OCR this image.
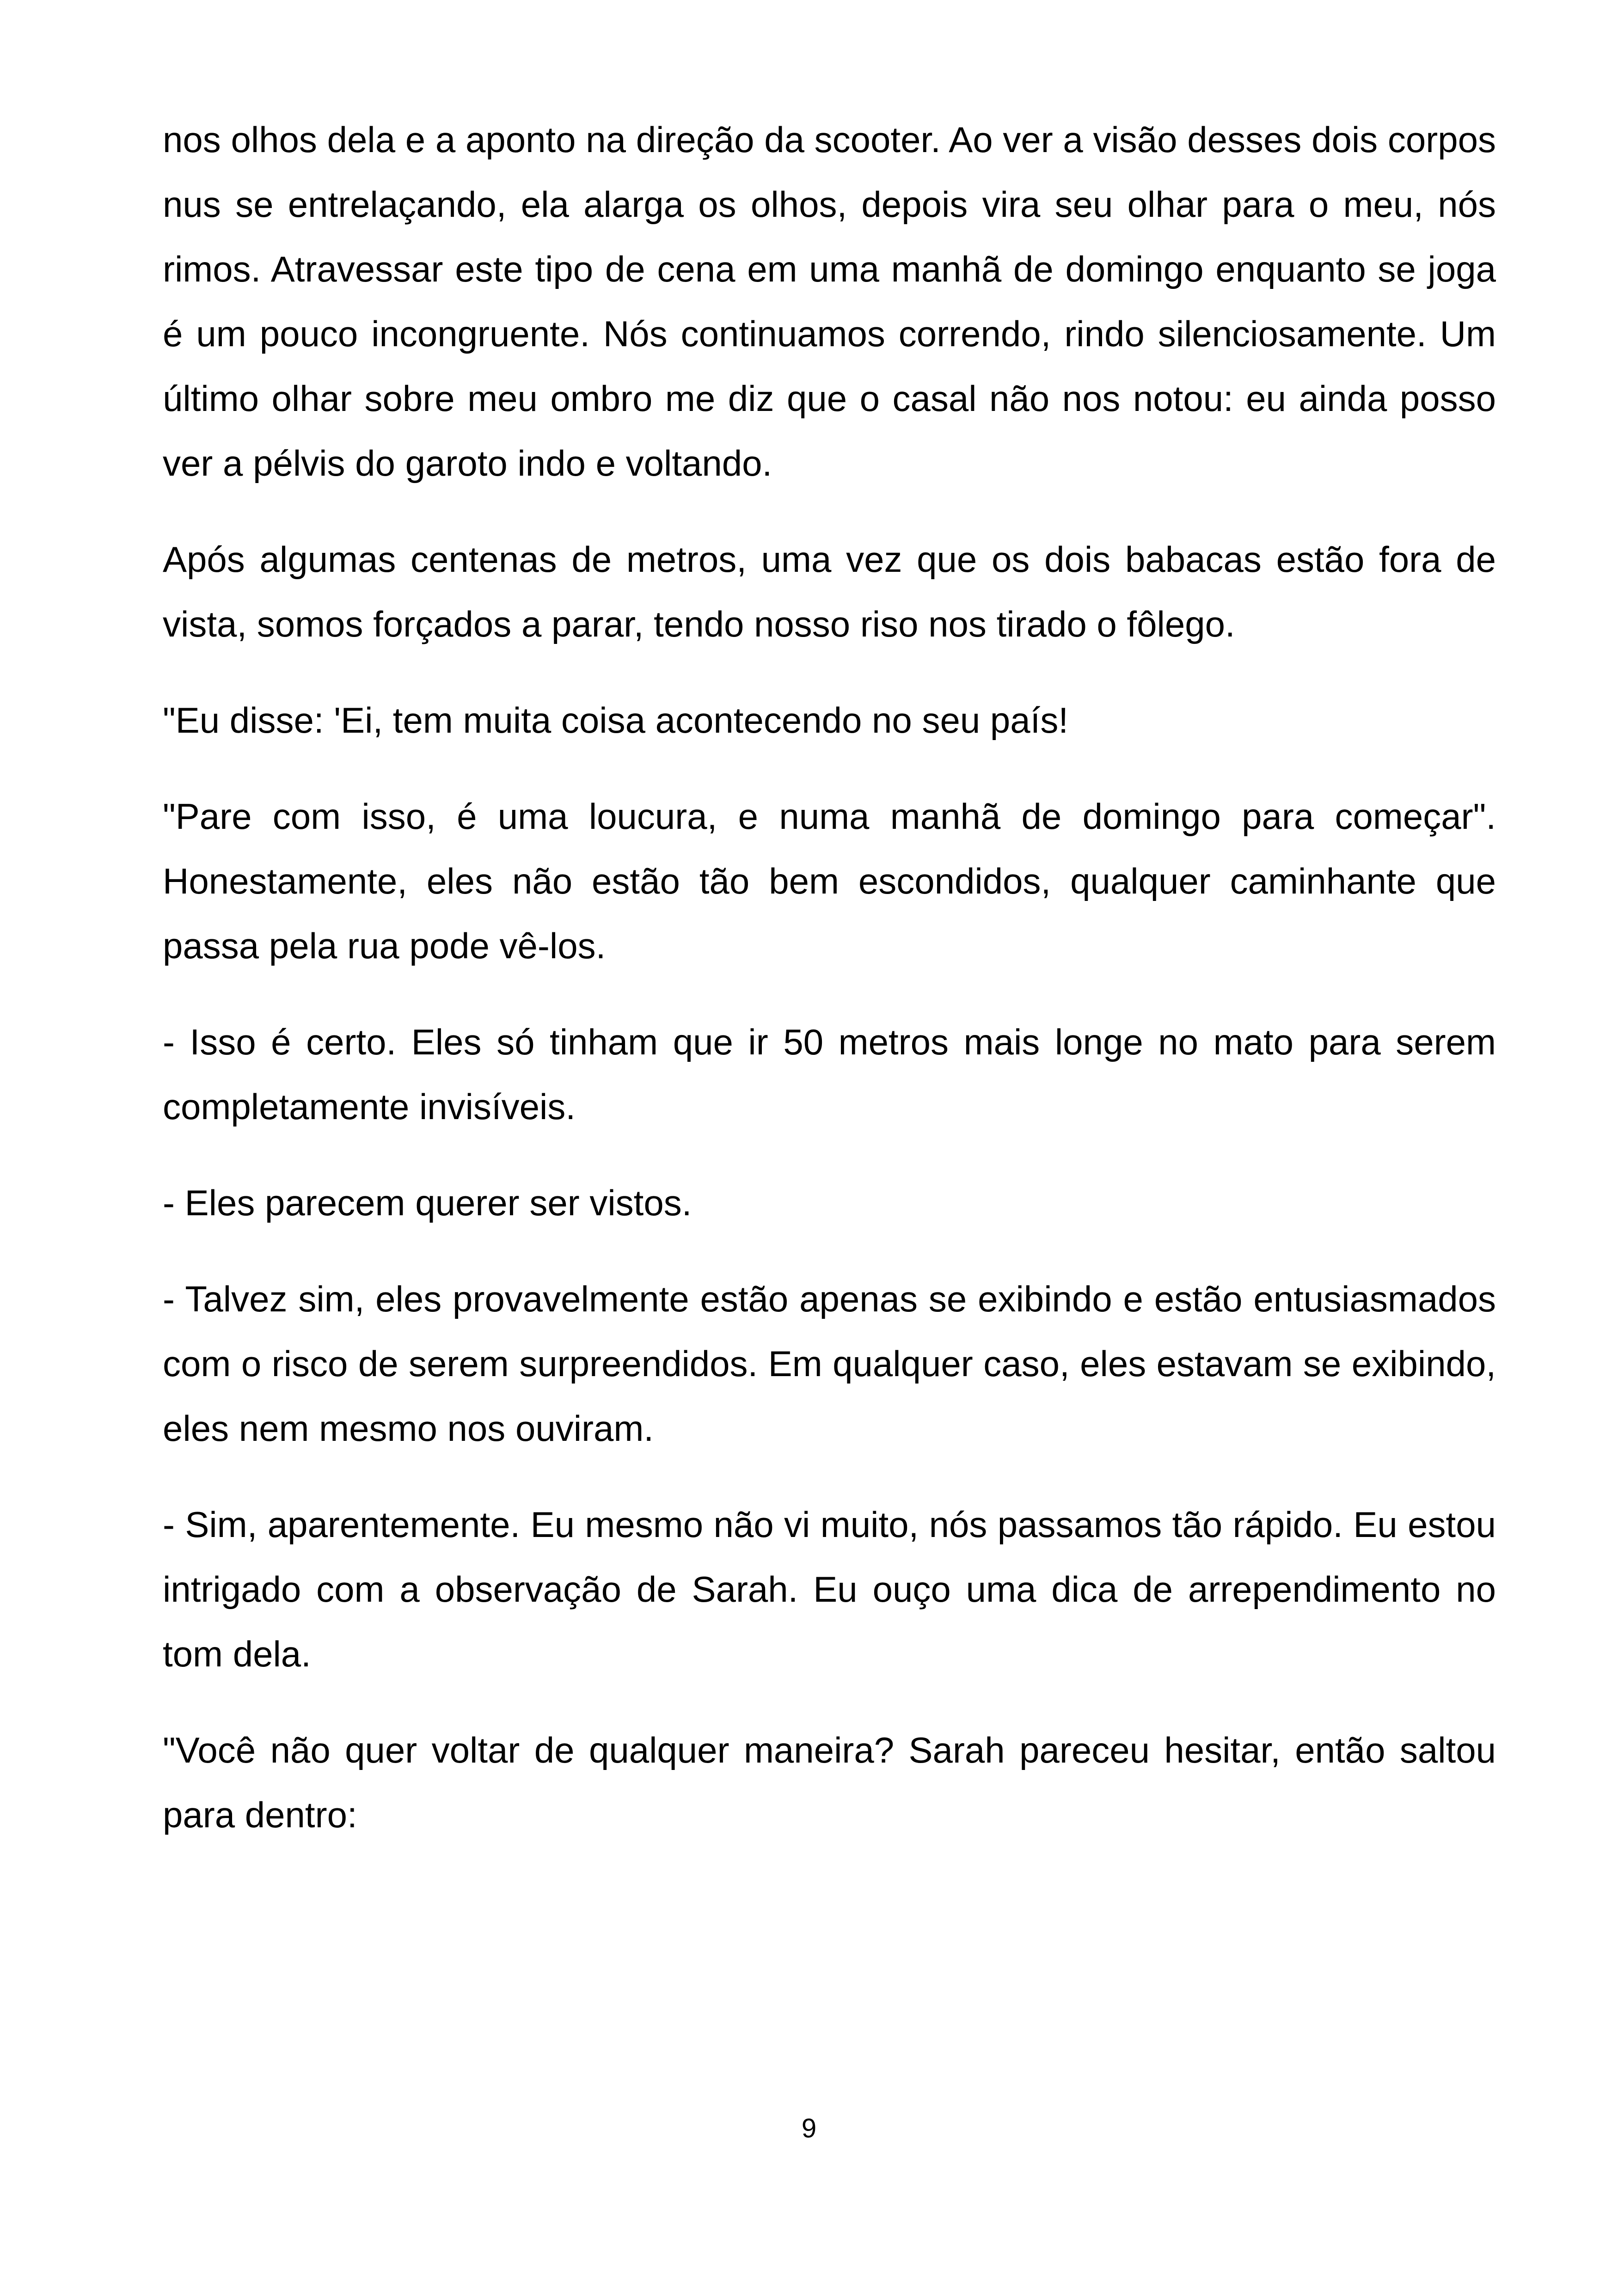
nos olhos dela e a aponto na direção da scooter. Ao ver a visão desses dois corpos nus se entrelaçando, ela alarga os olhos, depois vira seu olhar para o meu, nós rimos. Atravessar este tipo de cena em uma manhã de domingo enquanto se joga é um pouco incongruente. Nós continuamos correndo, rindo silenciosamente. Um último olhar sobre meu ombro me diz que o casal não nos notou: eu ainda posso ver a pélvis do garoto indo e voltando.

Após algumas centenas de metros, uma vez que os dois babacas estão fora de vista, somos forçados a parar, tendo nosso riso nos tirado o fôlego.

"Eu disse: 'Ei, tem muita coisa acontecendo no seu país!

"Pare com isso, é uma loucura, e numa manhã de domingo para começar". Honestamente, eles não estão tão bem escondidos, qualquer caminhante que passa pela rua pode vê-los.

- Isso é certo. Eles só tinham que ir 50 metros mais longe no mato para serem completamente invisíveis.

- Eles parecem querer ser vistos.

- Talvez sim, eles provavelmente estão apenas se exibindo e estão entusiasmados com o risco de serem surpreendidos. Em qualquer caso, eles estavam se exibindo, eles nem mesmo nos ouviram.

- Sim, aparentemente. Eu mesmo não vi muito, nós passamos tão rápido. Eu estou intrigado com a observação de Sarah. Eu ouço uma dica de arrependimento no tom dela.

"Você não quer voltar de qualquer maneira? Sarah pareceu hesitar, então saltou para dentro:

9
